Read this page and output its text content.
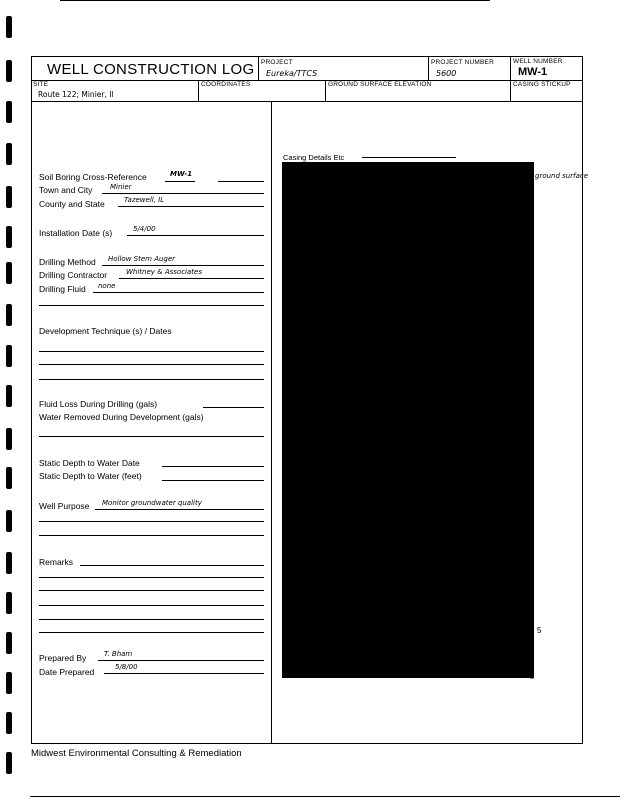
WELL CONSTRUCTION LOG PROJECT
Eureka/TTCS
PROJECT NUMBER
5600
WELL NUMBER
MW-1
SITE
Route 122; Minier, Il
COORDINATES	GROUND SURFACE ELEVATION	CASING STICKUP
Soil Boring Cross-Reference	MW-1
Town and City	Minier
County and State	Tazewell, IL
Installation Date (s)	5/4/00
Drilling Method Hollow Stem Auger
Drilling Contractor	Whitney & Associates
Drilling Fluid none
Development Technique (s) / Dates
Fluid Loss During Drilling (gals)
Water Removed During Development (gals)
Static Depth to Water Date
Static Depth to Water (feet)
Well Purpose Monitor groundwater quality
Remarks
Prepared By	T. Bham
Date Prepared	5/8/00
Casing Details Etc
ground surface
5
8
Midwest Environmental Consulting & Remediation
